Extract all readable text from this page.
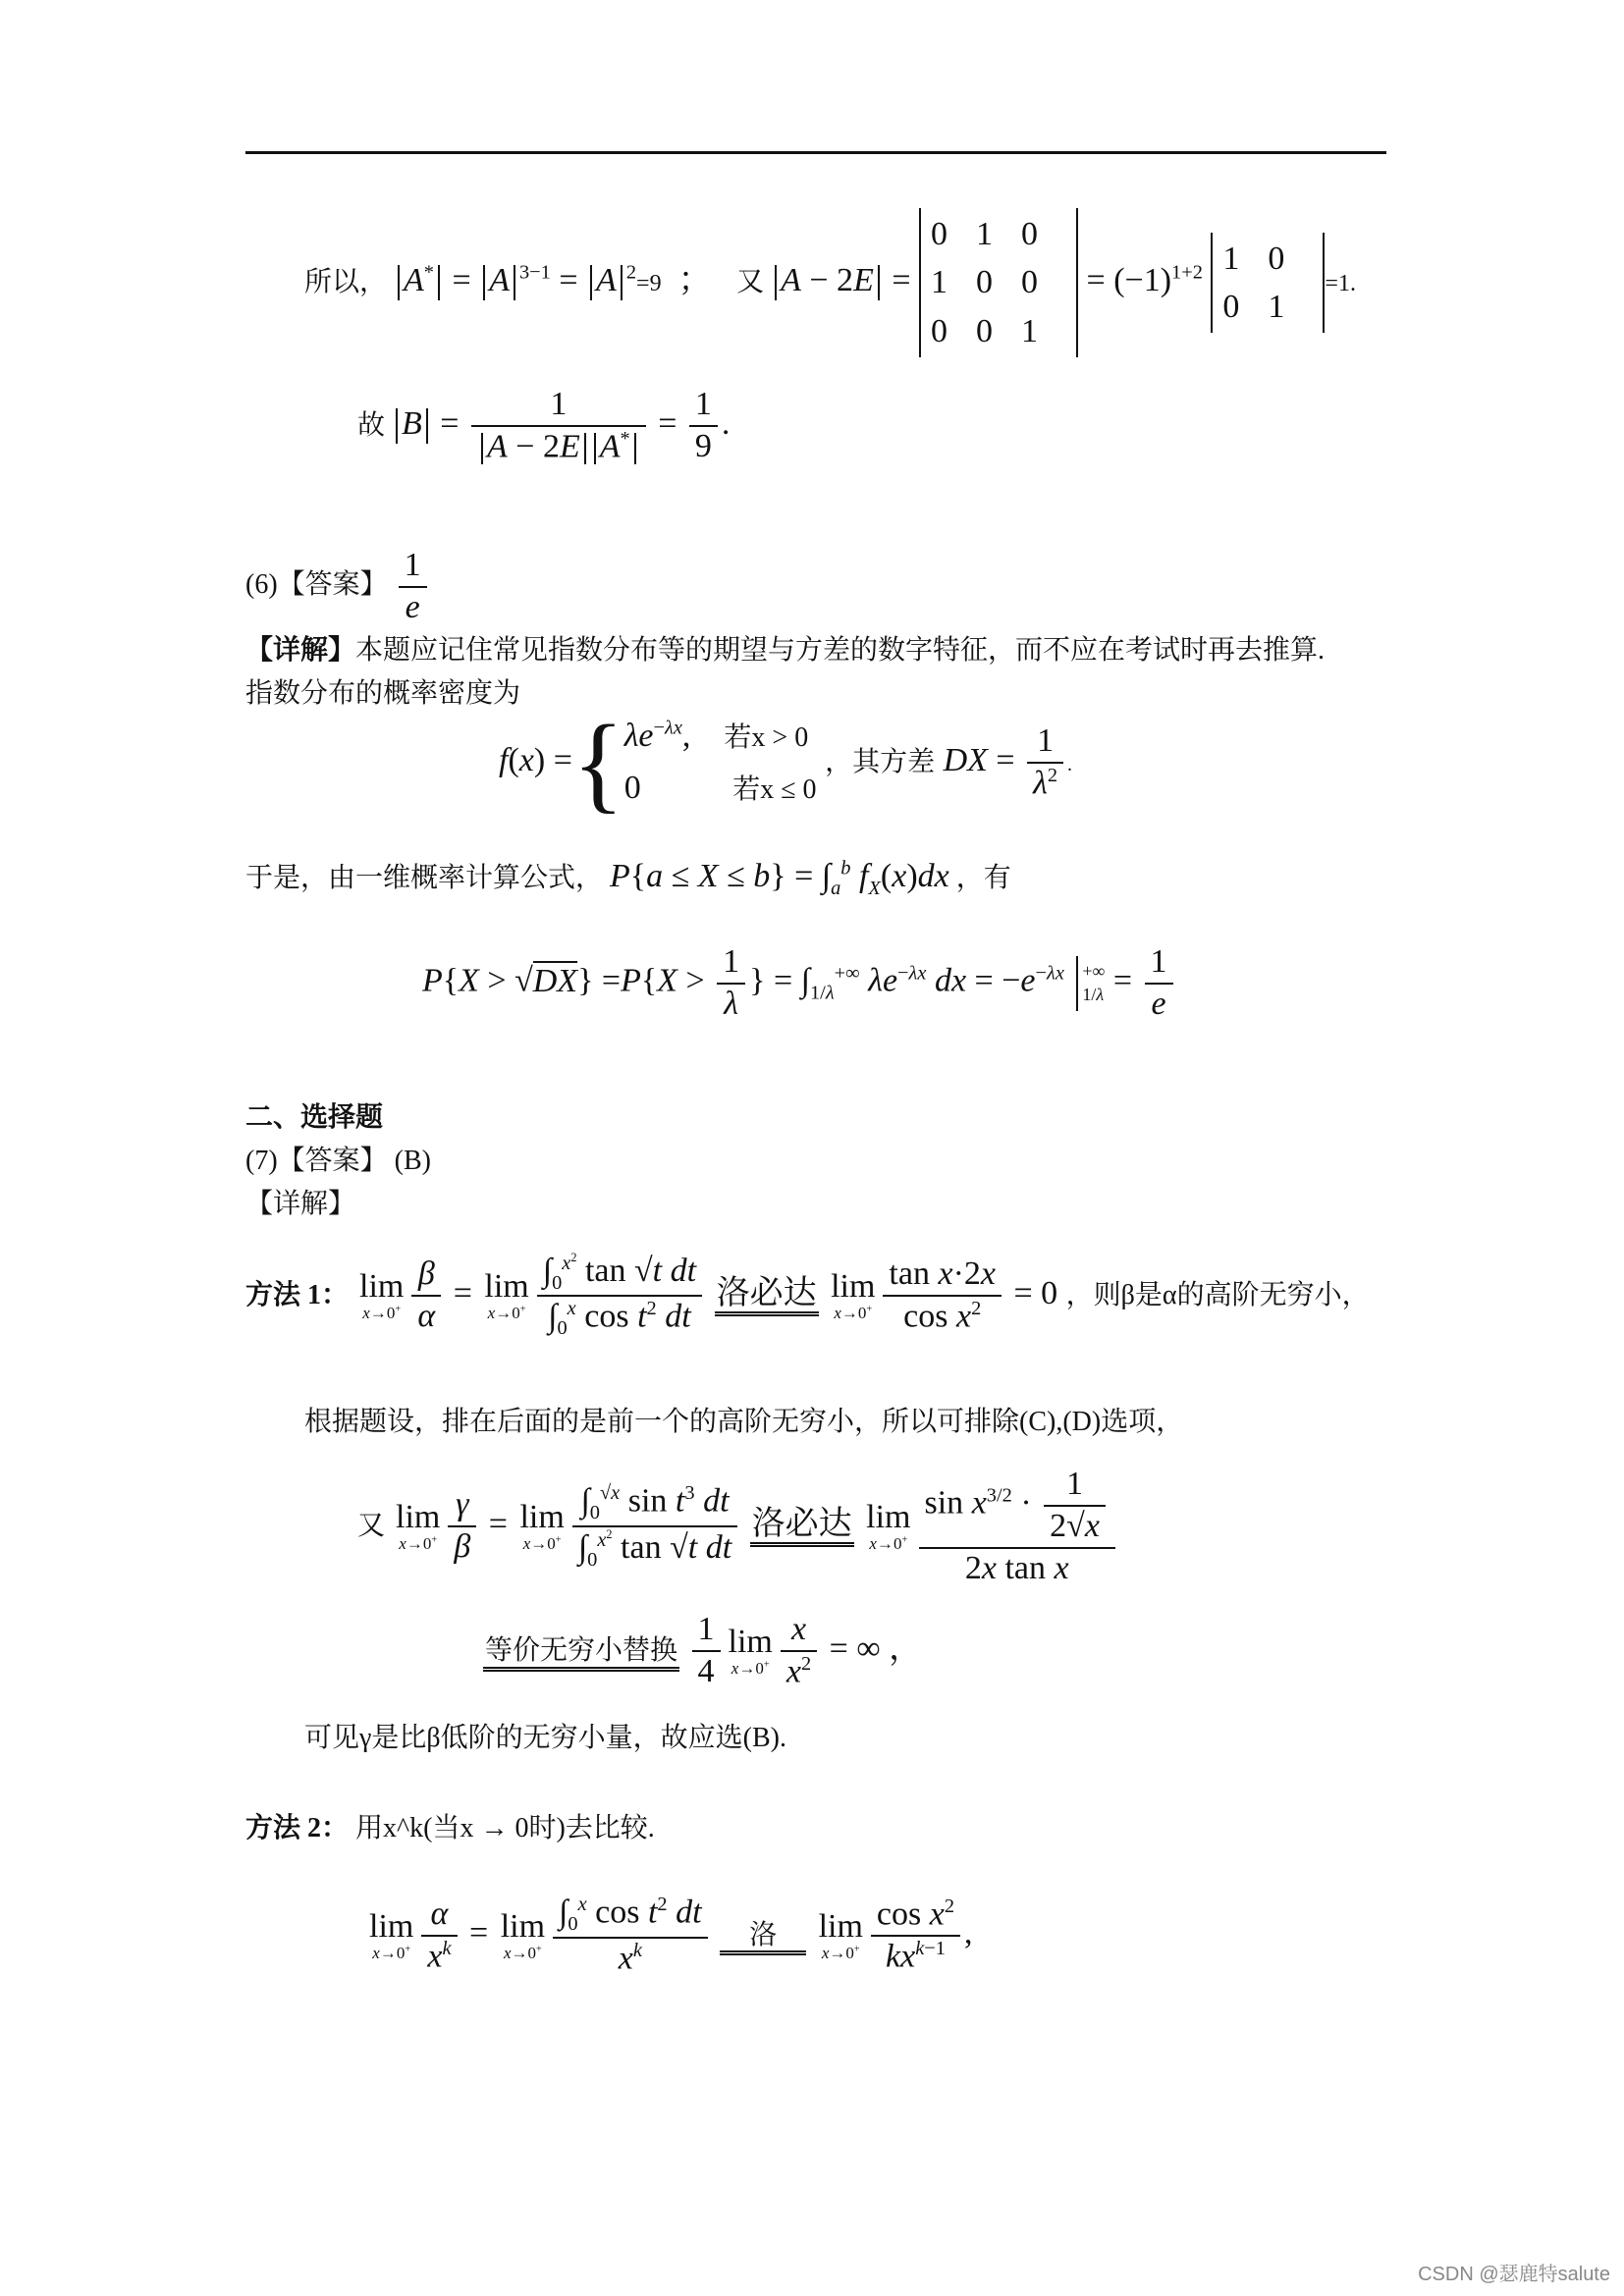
所以， A* = A $^{3-1}$ = A $^2$=9  ；   又 A − 2E = 0 1 0
1 0 0
0 0 $1 = (-1)^{1+2}$ 1 0
0 1=1.
故 $B = \frac{1}{A - 2E A^*} = \frac{1}{9}$ .
(6)【答案】 $\frac{1}{e}$
【详解】本题应记住常见指数分布等的期望与方差的数字特征，而不应在考试时再去推算.
指数分布的概率密度为
$f(x) =\{\lambda e^{-\lambda x}$,    若x > 0
0           若x ≤ 0 ，其方差 DX = $\frac{1}{\lambda^2}$ .
于是，由一维概率计算公式， $P\{a \le X \le b\} = \int_a^b$ $f_X(x)dx$ ，有
$P\{X > √DX\} =P\{X > \frac{1}{\lambda}$ } = $\int_{1/\lambda}^{+\infty}$ $\lambda e^{-\lambda x}$ dx = $-e^{-\lambda x}$ +∞
$1/\lambda = \frac{1}{e}$
二、选择题
(7)【答案】 (B)
【详解】
方法 1： lim
$x\to 0^+ \frac{\beta}{\alpha} = \lim$
$x\to 0^+ \frac{\int_0^{x^2} \tan √t dt}{\int_0^x \cos t^2 dt}$ 洛必达 lim
$x\to 0^+ \frac{\text{tan x·2x}}{\cos x^2} = 0$ ，则β是α的高阶无穷小，
根据题设，排在后面的是前一个的高阶无穷小，所以可排除(C),(D)选项，
又 lim
$x\to 0^+ \frac{\gamma}{\beta} = \lim$
$x\to 0^+ \frac{\int_0^{√x} \sin t^3 dt}{\int_0^{x^2} \tan √t dt}$ 洛必达 lim
$x\to 0^+ \frac{\sin x^{3/2} \cdot \frac{1}{2√x}}{\text{2x tan x}}$
等价无穷小替换 $\frac{1}{4}$ lim
$x\to 0^+ \frac{x}{x^2}$ = ∞ ，
可见γ是比β低阶的无穷小量，故应选(B).
方法 2： 用x^k(当x → 0时)去比较.
lim
$x\to 0^+ \frac{\alpha}{x^k} = \lim$
$x\to 0^+ \frac{\int_0^x \cos t^2 dt}{x^k}$ 洛 lim
$x\to 0^+ \frac{\cos x^2}{kx^{k-1}}$ ,
CSDN @瑟鹿特salute
